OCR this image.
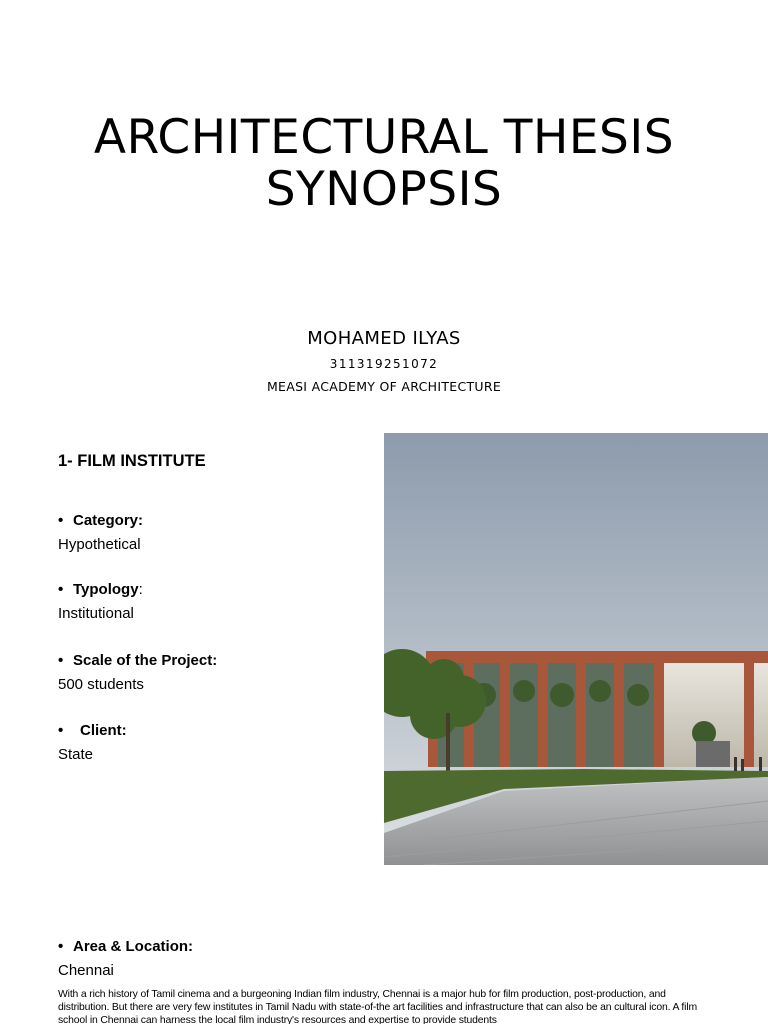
ARCHITECTURAL THESIS
SYNOPSIS
MOHAMED ILYAS
311319251072
MEASI ACADEMY OF ARCHITECTURE
1- FILM INSTITUTE
• Category:
Hypothetical
• Typology:
Institutional
• Scale of the Project:
500 students
• Client:
State
• Area & Location:
Chennai
With a rich history of Tamil cinema and a burgeoning Indian film industry, Chennai is a major hub for film production, post-production, and distribution. But there are very few institutes in Tamil Nadu with state-of-the art facilities and infrastructure that can also be an cultural icon. A film school in Chennai can harness the local film industry's resources and expertise to provide students
